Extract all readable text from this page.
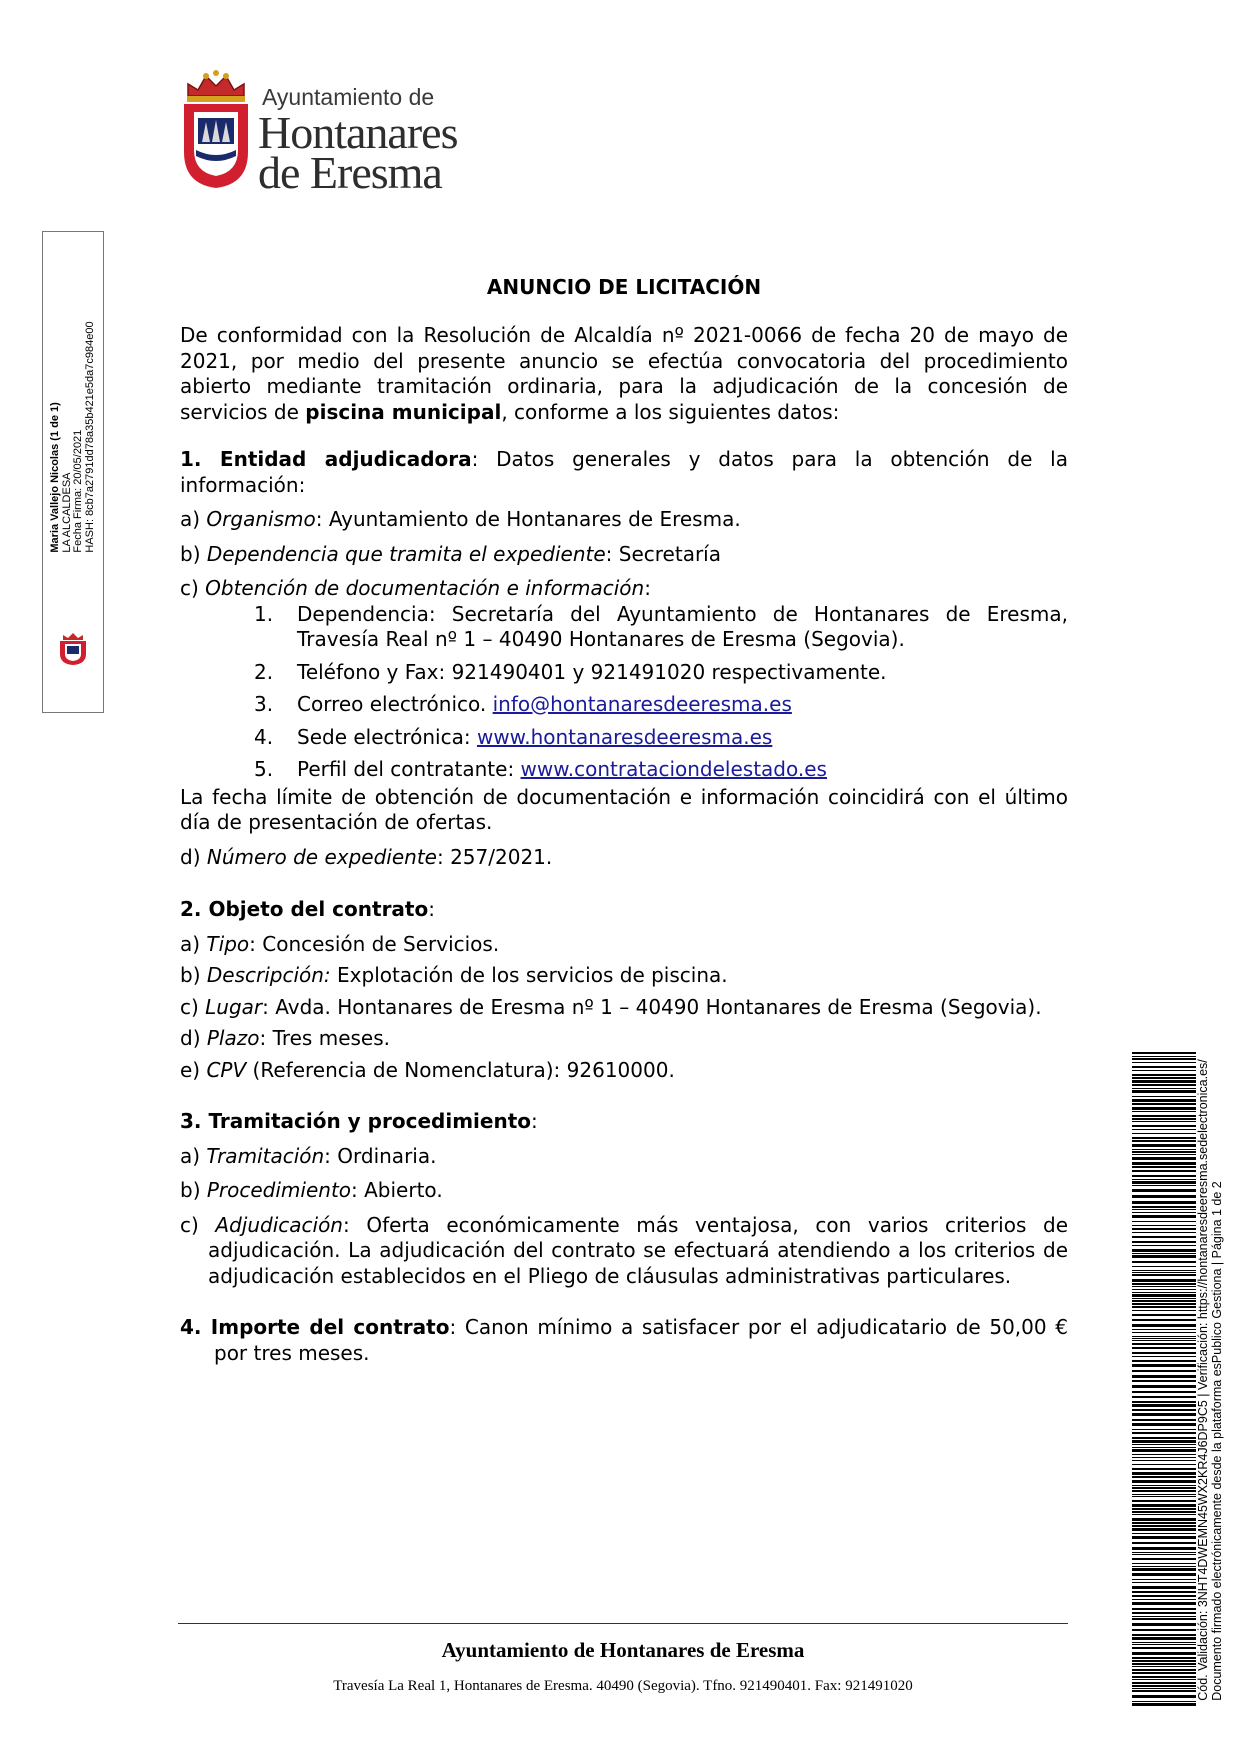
Ayuntamiento de
Hontanares
de Eresma
Maria Vallejo Nicolas (1 de 1) LA ALCALDESA Fecha Firma: 20/05/2021 HASH: 8cb7a2791dd78a35b421e5da7c984e00
ANUNCIO DE LICITACIÓN

De conformidad con la Resolución de Alcaldía nº 2021-0066 de fecha 20 de mayo de 2021, por medio del presente anuncio se efectúa convocatoria del procedimiento abierto mediante tramitación ordinaria, para la adjudicación de la concesión de servicios de piscina municipal, conforme a los siguientes datos:

1. Entidad adjudicadora: Datos generales y datos para la obtención de la información:

a) Organismo: Ayuntamiento de Hontanares de Eresma.

b) Dependencia que tramita el expediente: Secretaría

c) Obtención de documentación e información:

1.	Dependencia: Secretaría del Ayuntamiento de Hontanares de Eresma, Travesía Real nº 1 – 40490 Hontanares de Eresma (Segovia).
2.	Teléfono y Fax: 921490401 y 921491020 respectivamente.
3.	Correo electrónico. info@hontanaresdeeresma.es
4.	Sede electrónica: www.hontanaresdeeresma.es
5.	Perfil del contratante: www.contrataciondelestado.es

La fecha límite de obtención de documentación e información coincidirá con el último día de presentación de ofertas.

d) Número de expediente: 257/2021.

2. Objeto del contrato:

a) Tipo: Concesión de Servicios.

b) Descripción: Explotación de los servicios de piscina.

c) Lugar: Avda. Hontanares de Eresma nº 1 – 40490 Hontanares de Eresma (Segovia).

d) Plazo: Tres meses.

e) CPV (Referencia de Nomenclatura): 92610000.

3. Tramitación y procedimiento:

a) Tramitación: Ordinaria.

b) Procedimiento: Abierto.

c) Adjudicación: Oferta económicamente más ventajosa, con varios criterios de adjudicación. La adjudicación del contrato se efectuará atendiendo a los criterios de adjudicación establecidos en el Pliego de cláusulas administrativas particulares.

4. Importe del contrato: Canon mínimo a satisfacer por el adjudicatario de 50,00 € por tres meses.

Ayuntamiento de Hontanares de Eresma
Travesía La Real 1, Hontanares de Eresma. 40490 (Segovia). Tfno. 921490401. Fax: 921491020	Cód. Validación: 3NHT4DWEMN45WX2KR4J6DP9C5 | Verificación: https://hontanaresdeeresma.sedelectronica.es/ Documento firmado electrónicamente desde la plataforma esPublico Gestiona | Página 1 de 2
